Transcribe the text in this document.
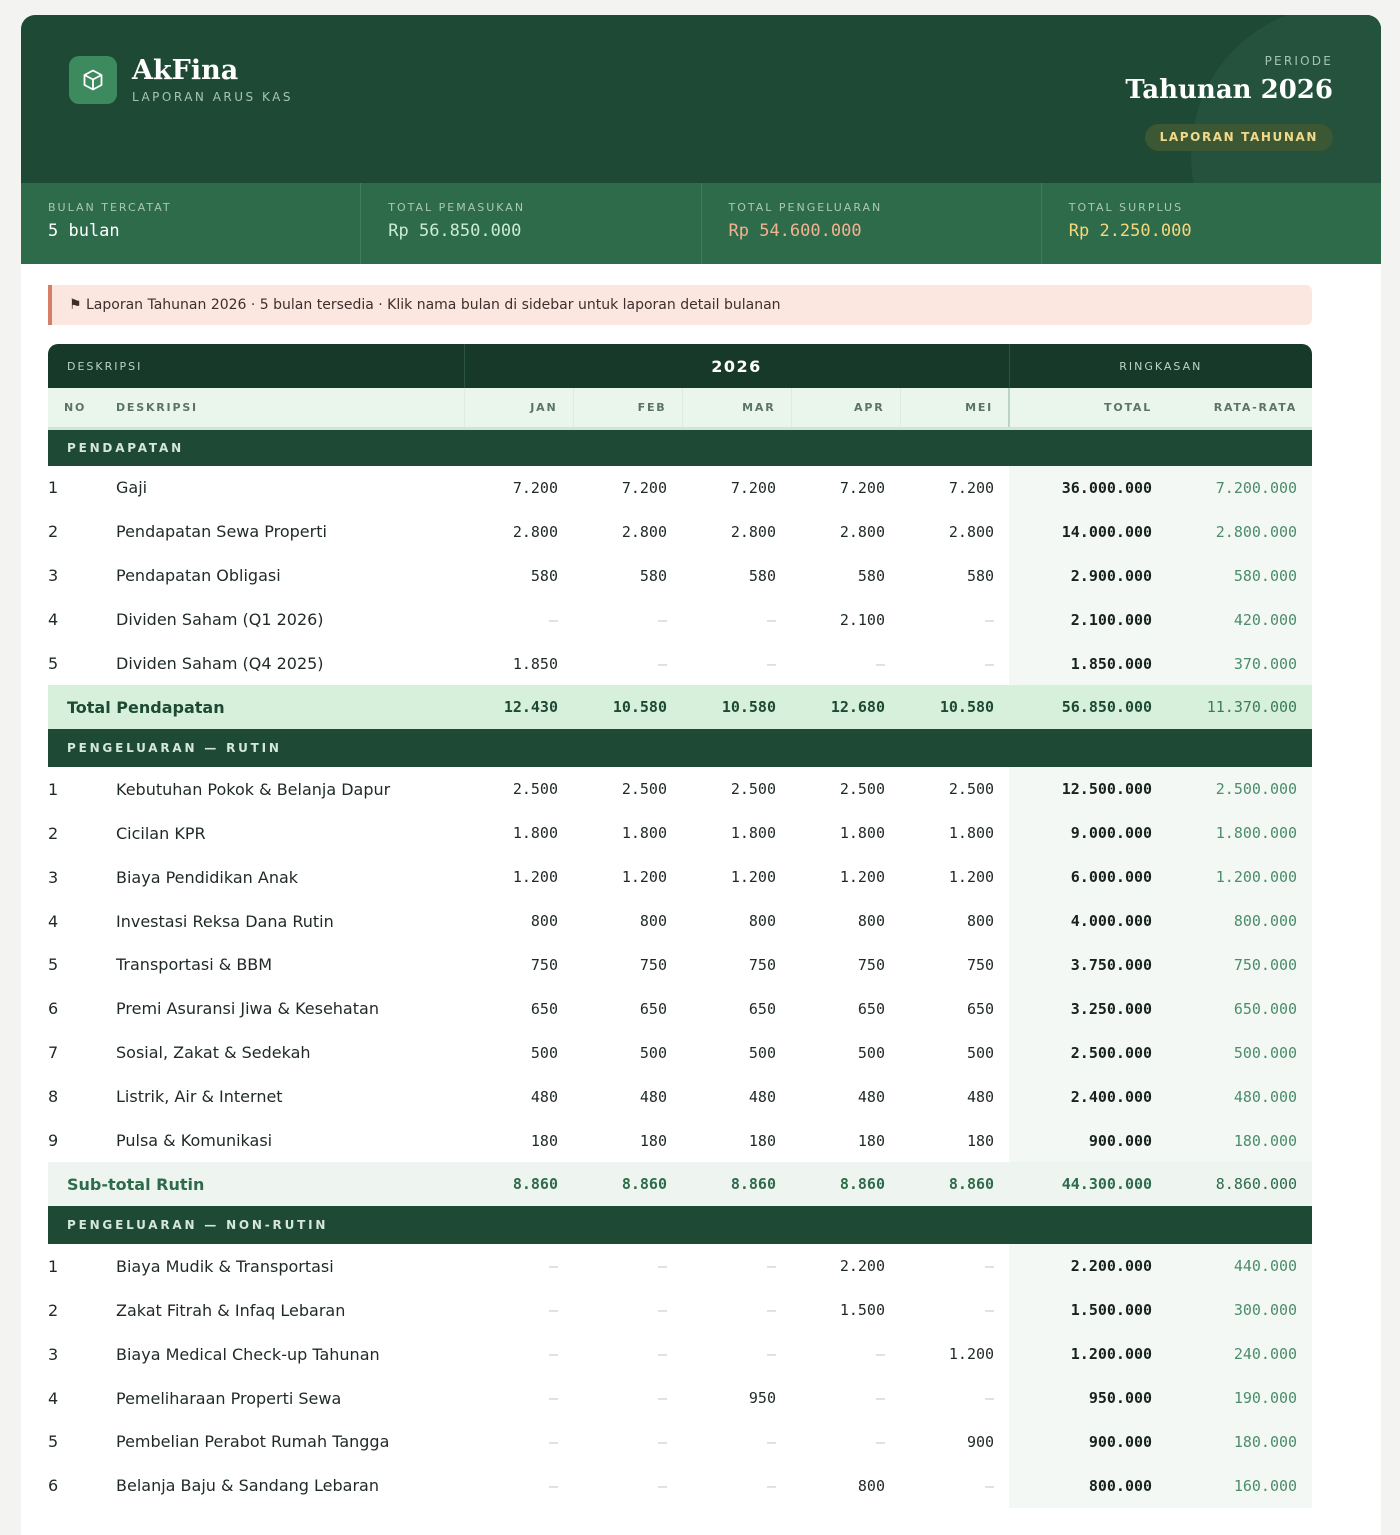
AkFina
LAPORAN ARUS KAS
PERIODE
Tahunan 2026
LAPORAN TAHUNAN
BULAN TERCATAT
5 bulan
TOTAL PEMASUKAN
Rp 56.850.000
TOTAL PENGELUARAN
Rp 54.600.000
TOTAL SURPLUS
Rp 2.250.000
⚑ Laporan Tahunan 2026 · 5 bulan tersedia · Klik nama bulan di sidebar untuk laporan detail bulanan
DESKRIPSI		2026					RINGKASAN	
NO	DESKRIPSI	JAN	FEB	MAR	APR	MEI	TOTAL	RATA-RATA
PENDAPATAN								
1	Gaji	7.200	7.200	7.200	7.200	7.200	36.000.000	7.200.000
2	Pendapatan Sewa Properti	2.800	2.800	2.800	2.800	2.800	14.000.000	2.800.000
3	Pendapatan Obligasi	580	580	580	580	580	2.900.000	580.000
4	Dividen Saham (Q1 2026)	—	—	—	2.100	—	2.100.000	420.000
5	Dividen Saham (Q4 2025)	1.850	—	—	—	—	1.850.000	370.000
Total Pendapatan		12.430	10.580	10.580	12.680	10.580	56.850.000	11.370.000
PENGELUARAN — RUTIN								
1	Kebutuhan Pokok & Belanja Dapur	2.500	2.500	2.500	2.500	2.500	12.500.000	2.500.000
2	Cicilan KPR	1.800	1.800	1.800	1.800	1.800	9.000.000	1.800.000
3	Biaya Pendidikan Anak	1.200	1.200	1.200	1.200	1.200	6.000.000	1.200.000
4	Investasi Reksa Dana Rutin	800	800	800	800	800	4.000.000	800.000
5	Transportasi & BBM	750	750	750	750	750	3.750.000	750.000
6	Premi Asuransi Jiwa & Kesehatan	650	650	650	650	650	3.250.000	650.000
7	Sosial, Zakat & Sedekah	500	500	500	500	500	2.500.000	500.000
8	Listrik, Air & Internet	480	480	480	480	480	2.400.000	480.000
9	Pulsa & Komunikasi	180	180	180	180	180	900.000	180.000
Sub-total Rutin		8.860	8.860	8.860	8.860	8.860	44.300.000	8.860.000
PENGELUARAN — NON-RUTIN								
1	Biaya Mudik & Transportasi	—	—	—	2.200	—	2.200.000	440.000
2	Zakat Fitrah & Infaq Lebaran	—	—	—	1.500	—	1.500.000	300.000
3	Biaya Medical Check-up Tahunan	—	—	—	—	1.200	1.200.000	240.000
4	Pemeliharaan Properti Sewa	—	—	950	—	—	950.000	190.000
5	Pembelian Perabot Rumah Tangga	—	—	—	—	900	900.000	180.000
6	Belanja Baju & Sandang Lebaran	—	—	—	800	—	800.000	160.000
